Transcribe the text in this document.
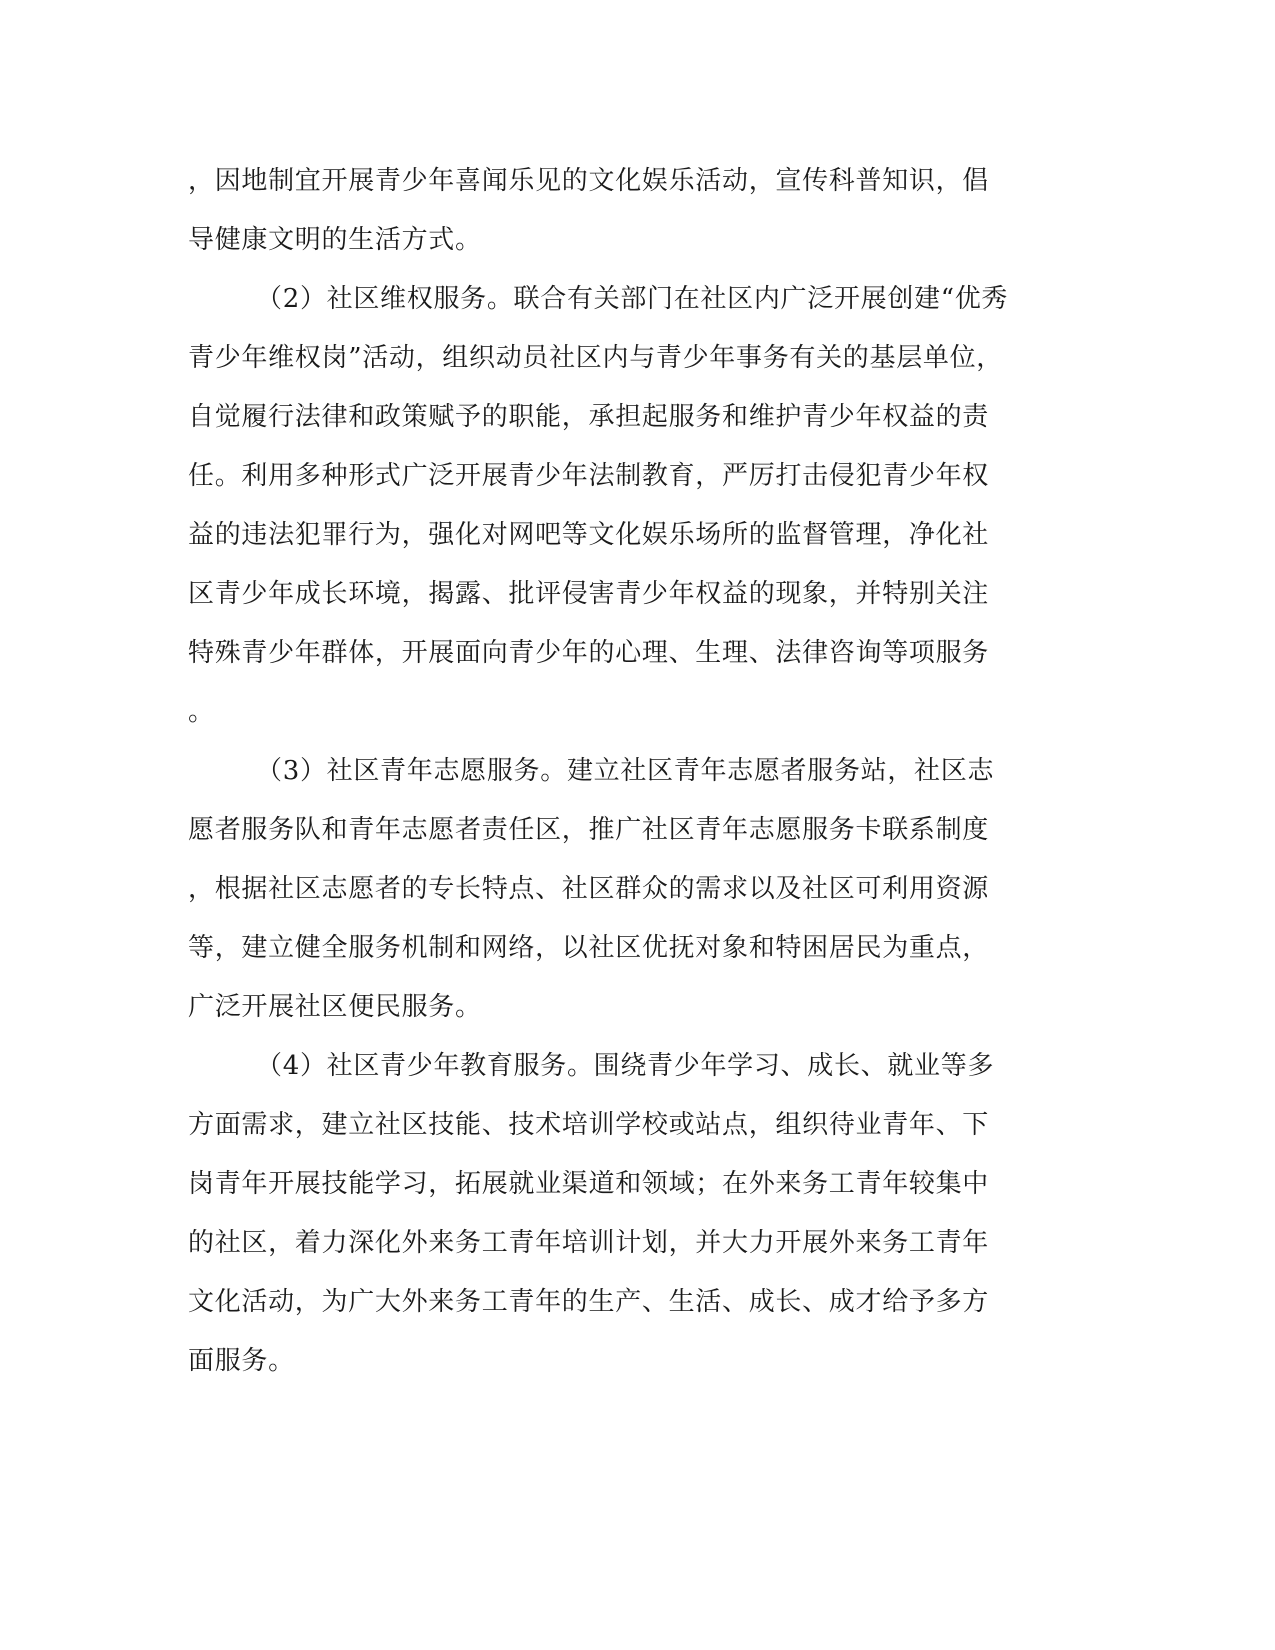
，因地制宜开展青少年喜闻乐见的文化娱乐活动，宣传科普知识，倡
导健康文明的生活方式。
（2）社区维权服务。联合有关部门在社区内广泛开展创建“优秀
青少年维权岗”活动，组织动员社区内与青少年事务有关的基层单位，
自觉履行法律和政策赋予的职能，承担起服务和维护青少年权益的责
任。利用多种形式广泛开展青少年法制教育，严厉打击侵犯青少年权
益的违法犯罪行为，强化对网吧等文化娱乐场所的监督管理，净化社
区青少年成长环境，揭露、批评侵害青少年权益的现象，并特别关注
特殊青少年群体，开展面向青少年的心理、生理、法律咨询等项服务
。
（3）社区青年志愿服务。建立社区青年志愿者服务站，社区志
愿者服务队和青年志愿者责任区，推广社区青年志愿服务卡联系制度
，根据社区志愿者的专长特点、社区群众的需求以及社区可利用资源
等，建立健全服务机制和网络，以社区优抚对象和特困居民为重点，
广泛开展社区便民服务。
（4）社区青少年教育服务。围绕青少年学习、成长、就业等多
方面需求，建立社区技能、技术培训学校或站点，组织待业青年、下
岗青年开展技能学习，拓展就业渠道和领域；在外来务工青年较集中
的社区，着力深化外来务工青年培训计划，并大力开展外来务工青年
文化活动，为广大外来务工青年的生产、生活、成长、成才给予多方
面服务。
